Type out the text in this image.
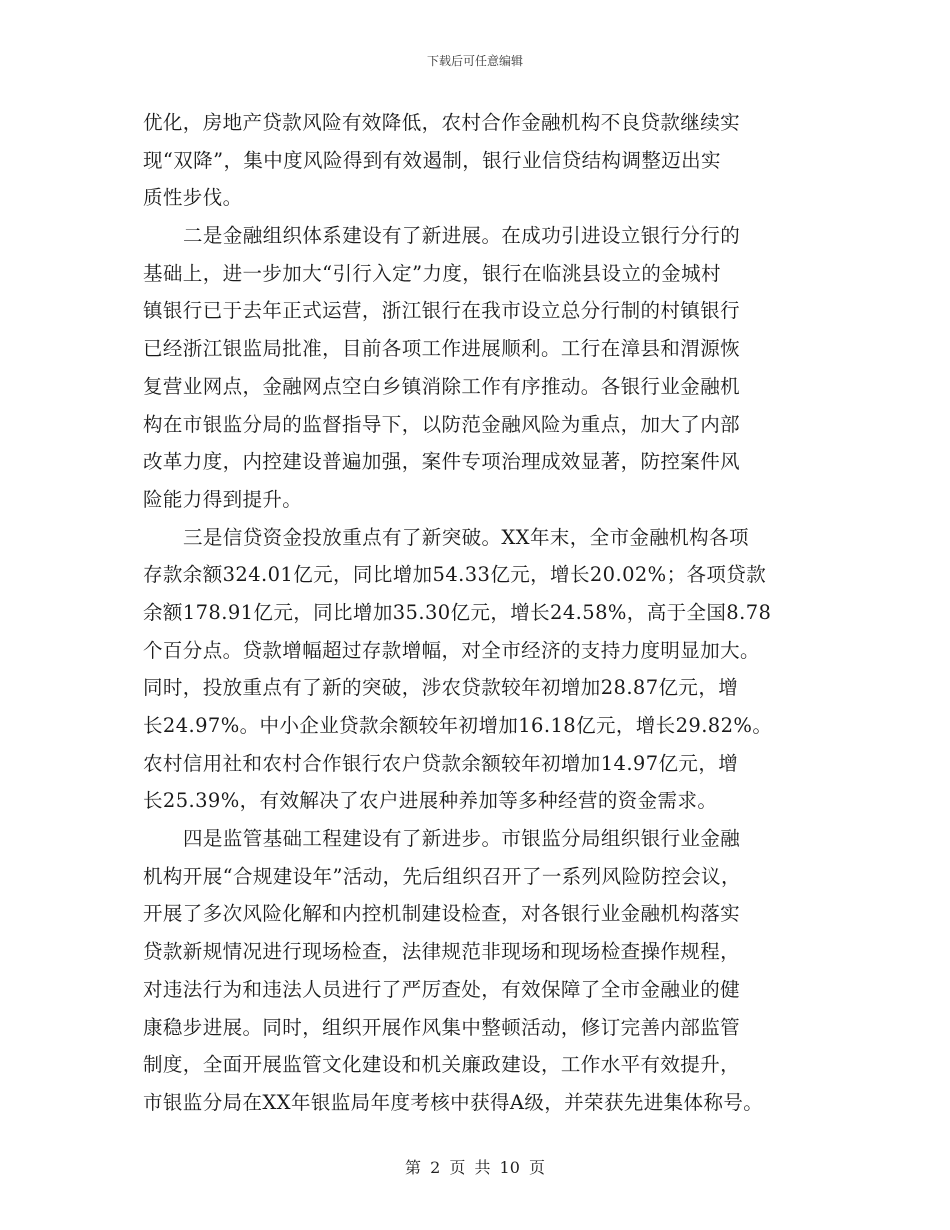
下载后可任意编辑
优化，房地产贷款风险有效降低，农村合作金融机构不良贷款继续实
现“双降”，集中度风险得到有效遏制，银行业信贷结构调整迈出实
质性步伐。
二是金融组织体系建设有了新进展。在成功引进设立银行分行的
基础上，进一步加大“引行入定”力度，银行在临洮县设立的金城村
镇银行已于去年正式运营，浙江银行在我市设立总分行制的村镇银行
已经浙江银监局批准，目前各项工作进展顺利。工行在漳县和渭源恢
复营业网点，金融网点空白乡镇消除工作有序推动。各银行业金融机
构在市银监分局的监督指导下，以防范金融风险为重点，加大了内部
改革力度，内控建设普遍加强，案件专项治理成效显著，防控案件风
险能力得到提升。
三是信贷资金投放重点有了新突破。XX年末，全市金融机构各项
存款余额324.01亿元，同比增加54.33亿元，增长20.02%；各项贷款
余额178.91亿元，同比增加35.30亿元，增长24.58%，高于全国8.78
个百分点。贷款增幅超过存款增幅，对全市经济的支持力度明显加大。
同时，投放重点有了新的突破，涉农贷款较年初增加28.87亿元，增
长24.97%。中小企业贷款余额较年初增加16.18亿元，增长29.82%。
农村信用社和农村合作银行农户贷款余额较年初增加14.97亿元，增
长25.39%，有效解决了农户进展种养加等多种经营的资金需求。
四是监管基础工程建设有了新进步。市银监分局组织银行业金融
机构开展“合规建设年”活动，先后组织召开了一系列风险防控会议，
开展了多次风险化解和内控机制建设检查，对各银行业金融机构落实
贷款新规情况进行现场检查，法律规范非现场和现场检查操作规程，
对违法行为和违法人员进行了严厉查处，有效保障了全市金融业的健
康稳步进展。同时，组织开展作风集中整顿活动，修订完善内部监管
制度，全面开展监管文化建设和机关廉政建设，工作水平有效提升，
市银监分局在XX年银监局年度考核中获得A级，并荣获先进集体称号。
第 2 页 共 10 页
